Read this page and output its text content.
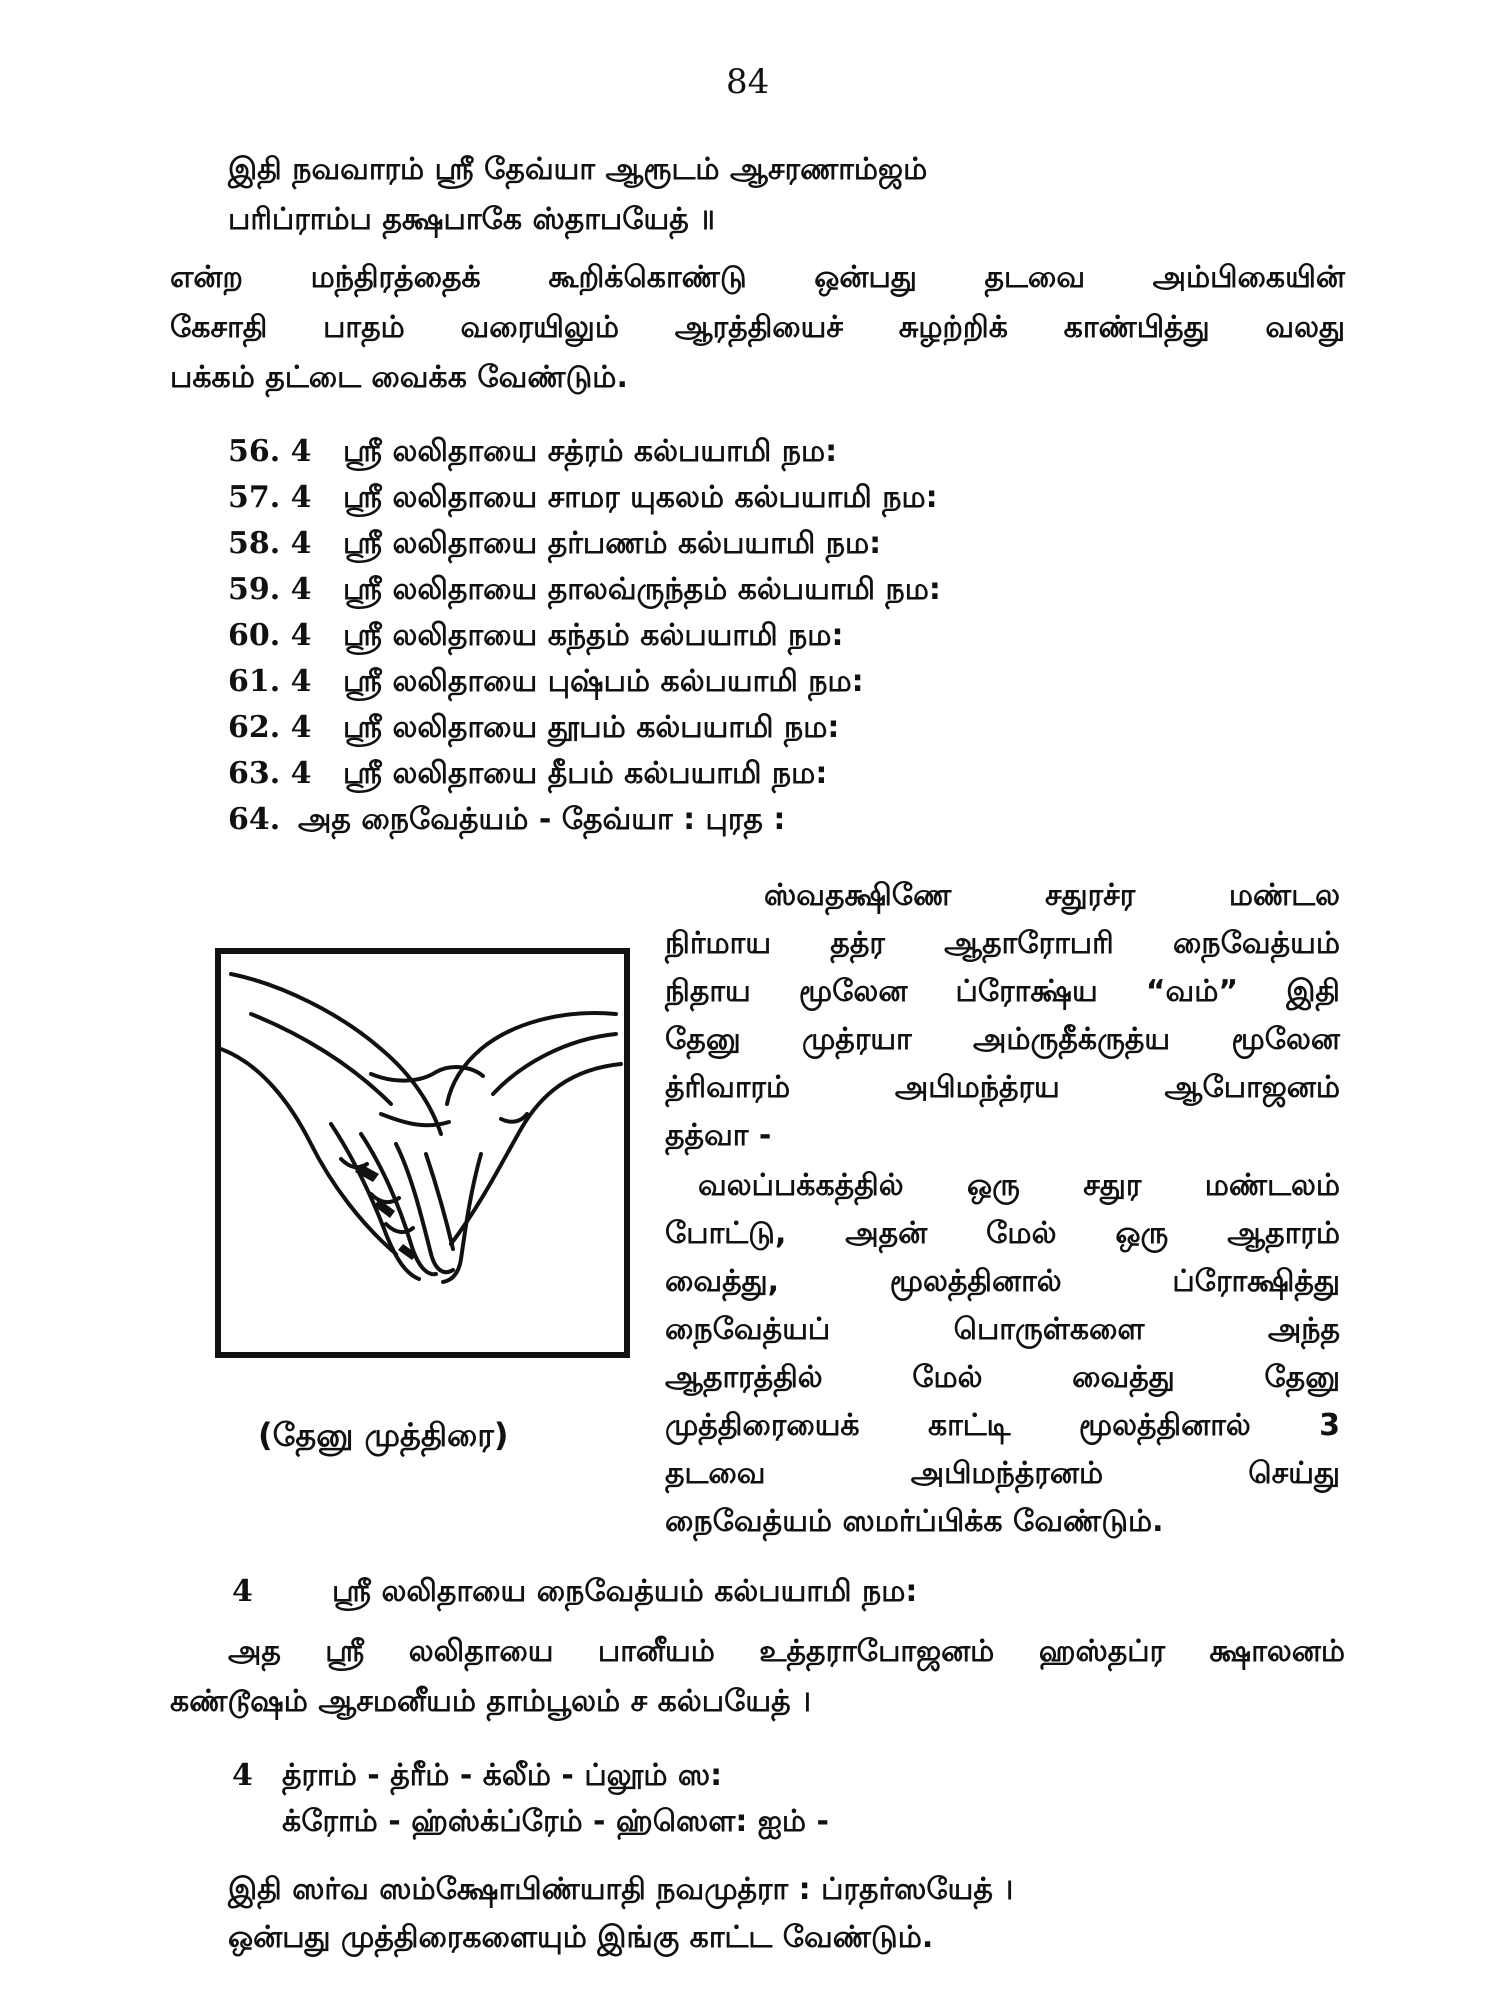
84
இதி நவவாரம் ஸ்ரீ தேவ்யா ஆரூடம் ஆசரணாம்ஜம்
பரிப்ராம்ப தக்ஷபாகே ஸ்தாபயேத் ॥
என்ற மந்திரத்தைக் கூறிக்கொண்டு ஒன்பது தடவை அம்பிகையின்
கேசாதி பாதம் வரையிலும் ஆரத்தியைச் சுழற்றிக் காண்பித்து வலது
பக்கம் தட்டை வைக்க வேண்டும்.
56. 4 ஸ்ரீ லலிதாயை சத்ரம் கல்பயாமி நம:
57. 4 ஸ்ரீ லலிதாயை சாமர யுகலம் கல்பயாமி நம:
58. 4 ஸ்ரீ லலிதாயை தர்பணம் கல்பயாமி நம:
59. 4 ஸ்ரீ லலிதாயை தாலவ்ருந்தம் கல்பயாமி நம:
60. 4 ஸ்ரீ லலிதாயை கந்தம் கல்பயாமி நம:
61. 4 ஸ்ரீ லலிதாயை புஷ்பம் கல்பயாமி நம:
62. 4 ஸ்ரீ லலிதாயை தூபம் கல்பயாமி நம:
63. 4 ஸ்ரீ லலிதாயை தீபம் கல்பயாமி நம:
64. அத நைவேத்யம் - தேவ்யா : புரத :
(தேனு முத்திரை)
ஸ்வதக்ஷிணே சதுரச்ர மண்டல
நிர்மாய தத்ர ஆதாரோபரி நைவேத்யம்
நிதாய மூலேன ப்ரோக்ஷ்ய “வம்” இதி
தேனு முத்ரயா அம்ருதீக்ருத்ய மூலேன
த்ரிவாரம் அபிமந்த்ரய ஆபோஜனம்
தத்வா -
வலப்பக்கத்தில் ஒரு சதுர மண்டலம்
போட்டு, அதன் மேல் ஒரு ஆதாரம்
வைத்து, மூலத்தினால் ப்ரோக்ஷித்து
நைவேத்யப் பொருள்களை அந்த
ஆதாரத்தில் மேல் வைத்து தேனு
முத்திரையைக் காட்டி மூலத்தினால் 3
தடவை அபிமந்த்ரனம் செய்து
நைவேத்யம் ஸமர்ப்பிக்க வேண்டும்.
4	ஸ்ரீ லலிதாயை நைவேத்யம் கல்பயாமி நம:
அத ஸ்ரீ லலிதாயை பானீயம் உத்தராபோஜனம் ஹஸ்தப்ர க்ஷாலனம்
கண்டூஷம் ஆசமனீயம் தாம்பூலம் ச கல்பயேத் ।
4 த்ராம் - த்ரீம் - க்லீம் - ப்லூம் ஸ:
க்ரோம் - ஹ்ஸ்க்ப்ரேம் - ஹ்ஸௌ: ஐம் -
இதி ஸர்வ ஸம்க்ஷோபிண்யாதி நவமுத்ரா : ப்ரதர்ஸயேத் ।
ஒன்பது முத்திரைகளையும் இங்கு காட்ட வேண்டும்.
